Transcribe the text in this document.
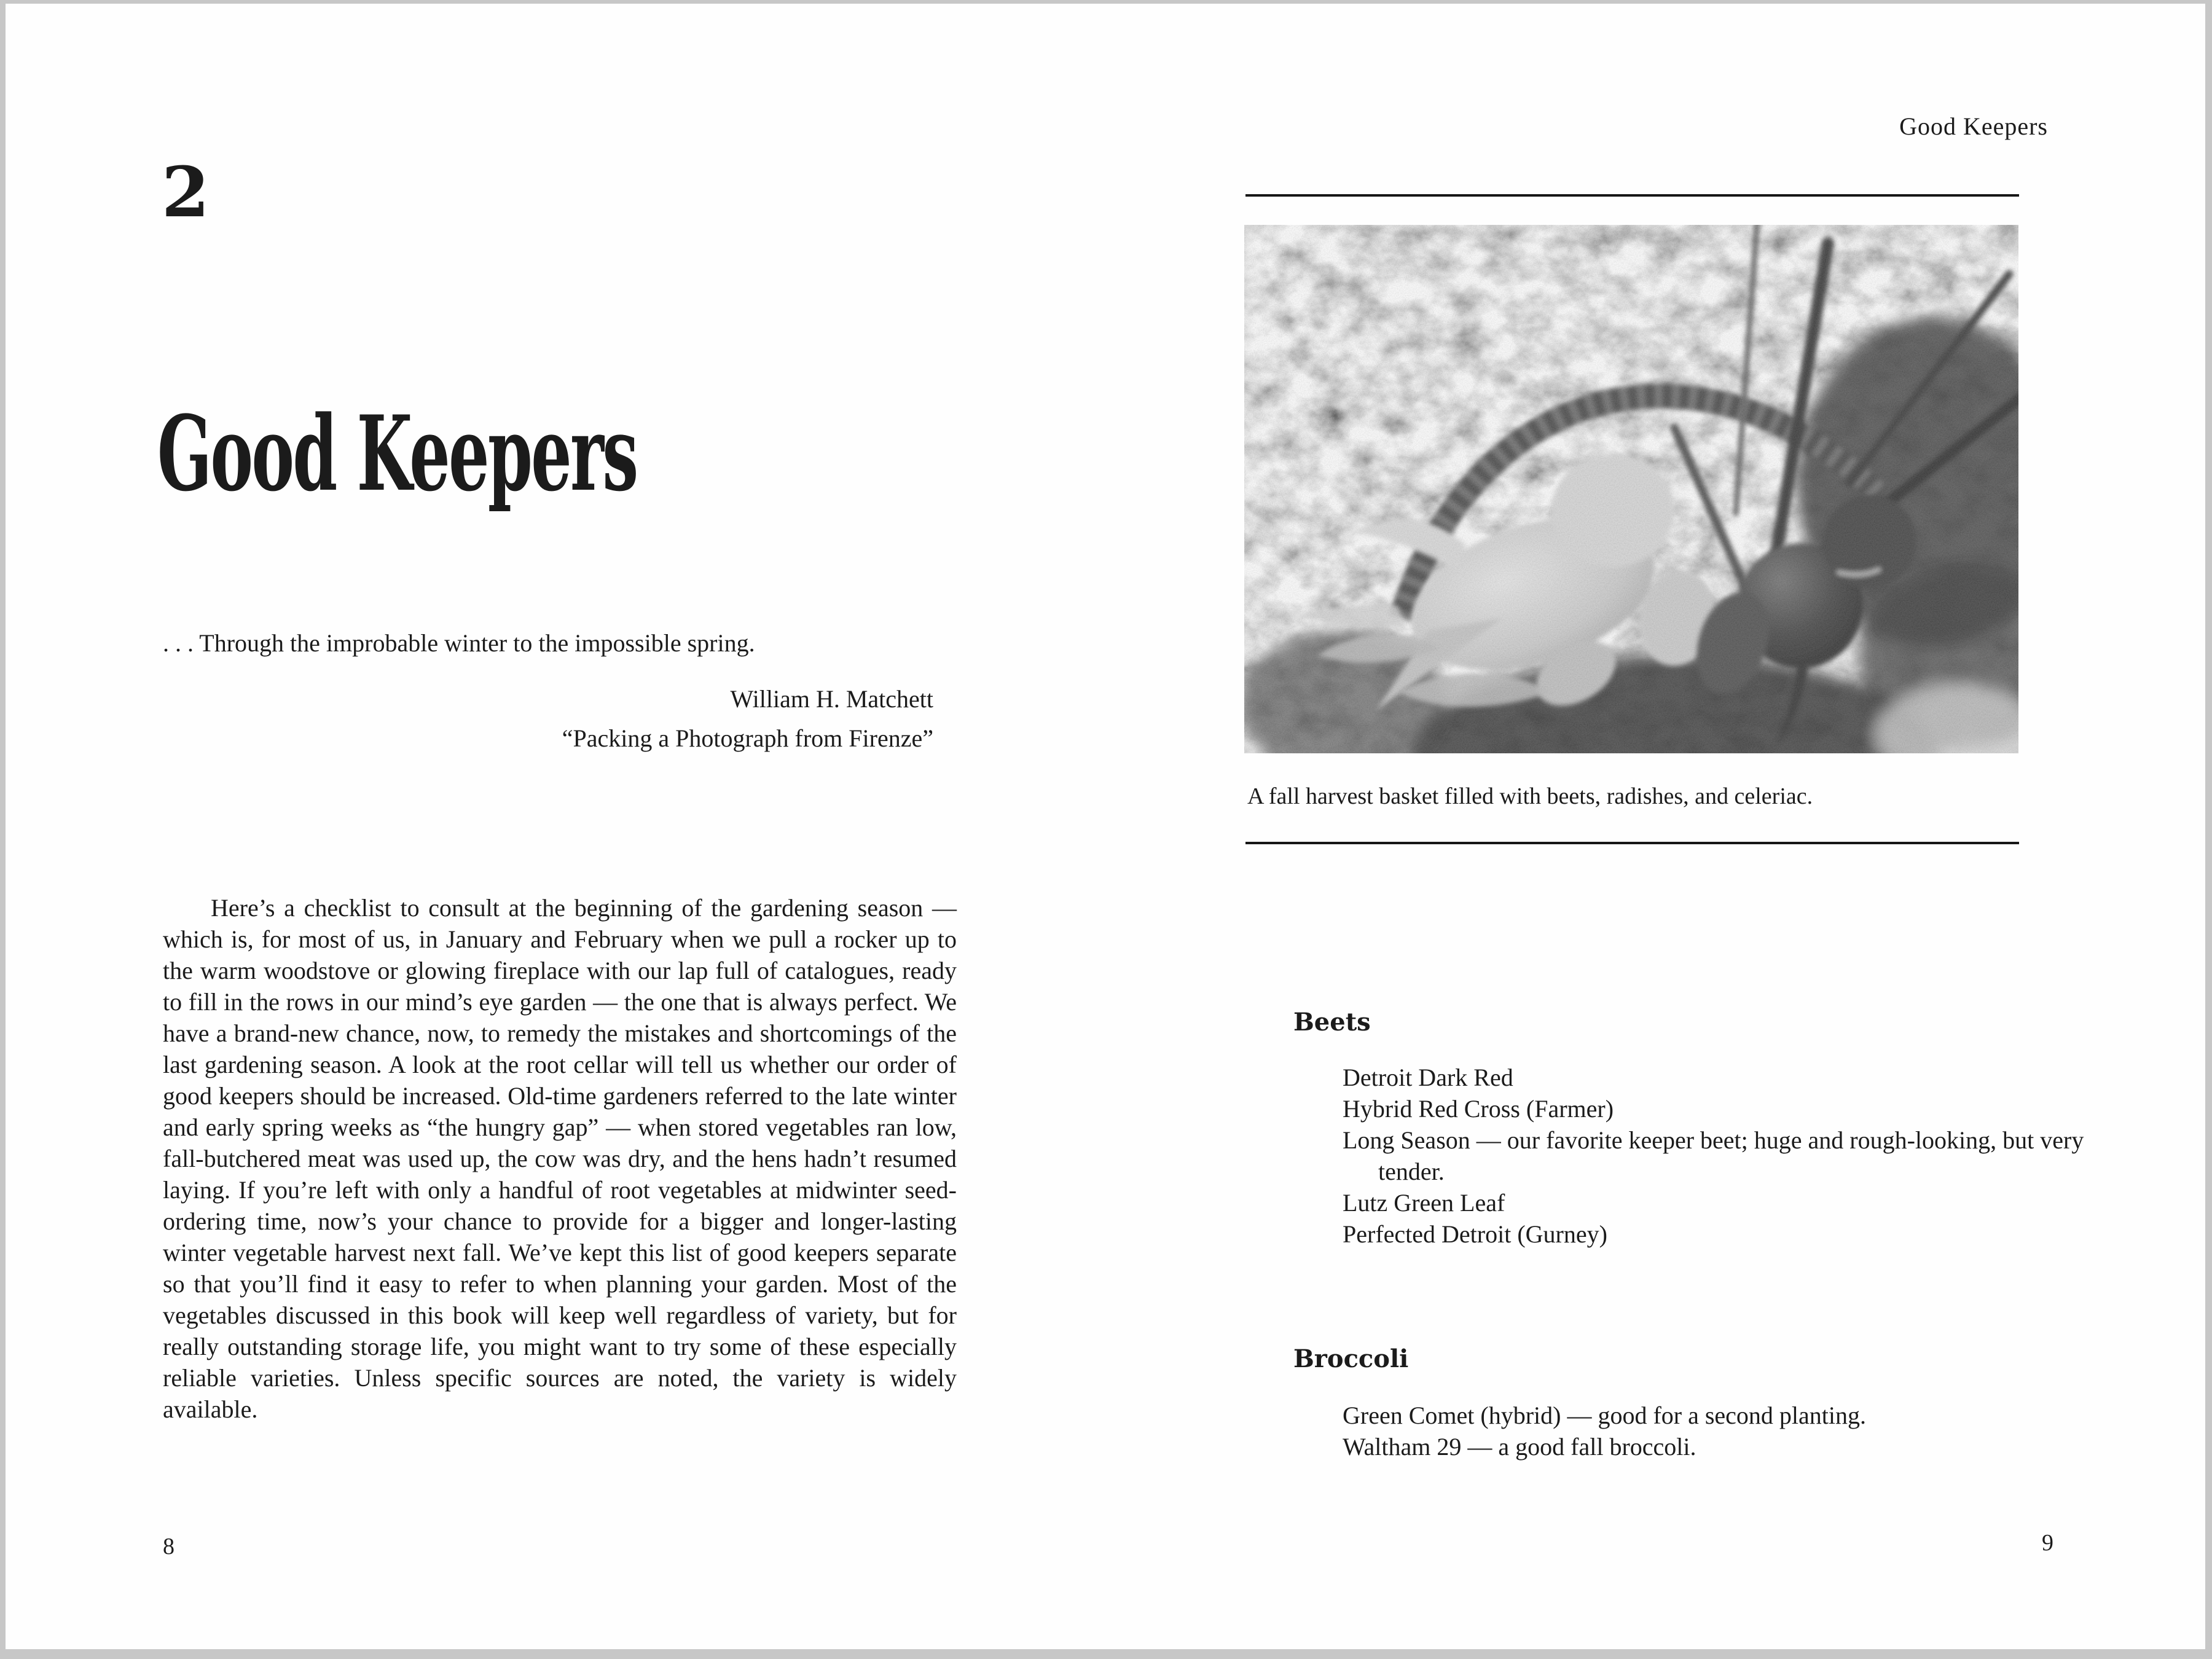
2
Good Keepers
. . . Through the improbable winter to the impossible spring.
William H. Matchett
“Packing a Photograph from Firenze”
Here’s a checklist to consult at the beginning of the gardening season — which is, for most of us, in January and February when we pull a rocker up to the warm woodstove or glowing fireplace with our lap full of catalogues, ready to fill in the rows in our mind’s eye garden — the one that is always perfect. We have a brand-new chance, now, to remedy the mistakes and shortcomings of the last gardening season. A look at the root cellar will tell us whether our order of good keepers should be increased. Old-time gardeners referred to the late winter and early spring weeks as “the hungry gap” — when stored vegetables ran low, fall-butchered meat was used up, the cow was dry, and the hens hadn’t resumed laying. If you’re left with only a handful of root vegetables at midwinter seed-ordering time, now’s your chance to provide for a bigger and longer-lasting winter vegetable harvest next fall. We’ve kept this list of good keepers separate so that you’ll find it easy to refer to when planning your garden. Most of the vegetables discussed in this book will keep well regardless of variety, but for really outstanding storage life, you might want to try some of these especially reliable varieties. Unless specific sources are noted, the variety is widely available.
8
Good Keepers
A fall harvest basket filled with beets, radishes, and celeriac.
Beets
Detroit Dark Red
Hybrid Red Cross (Farmer)
Long Season — our favorite keeper beet; huge and rough-looking, but very tender.
Lutz Green Leaf
Perfected Detroit (Gurney)
Broccoli
Green Comet (hybrid) — good for a second planting.
Waltham 29 — a good fall broccoli.
9
